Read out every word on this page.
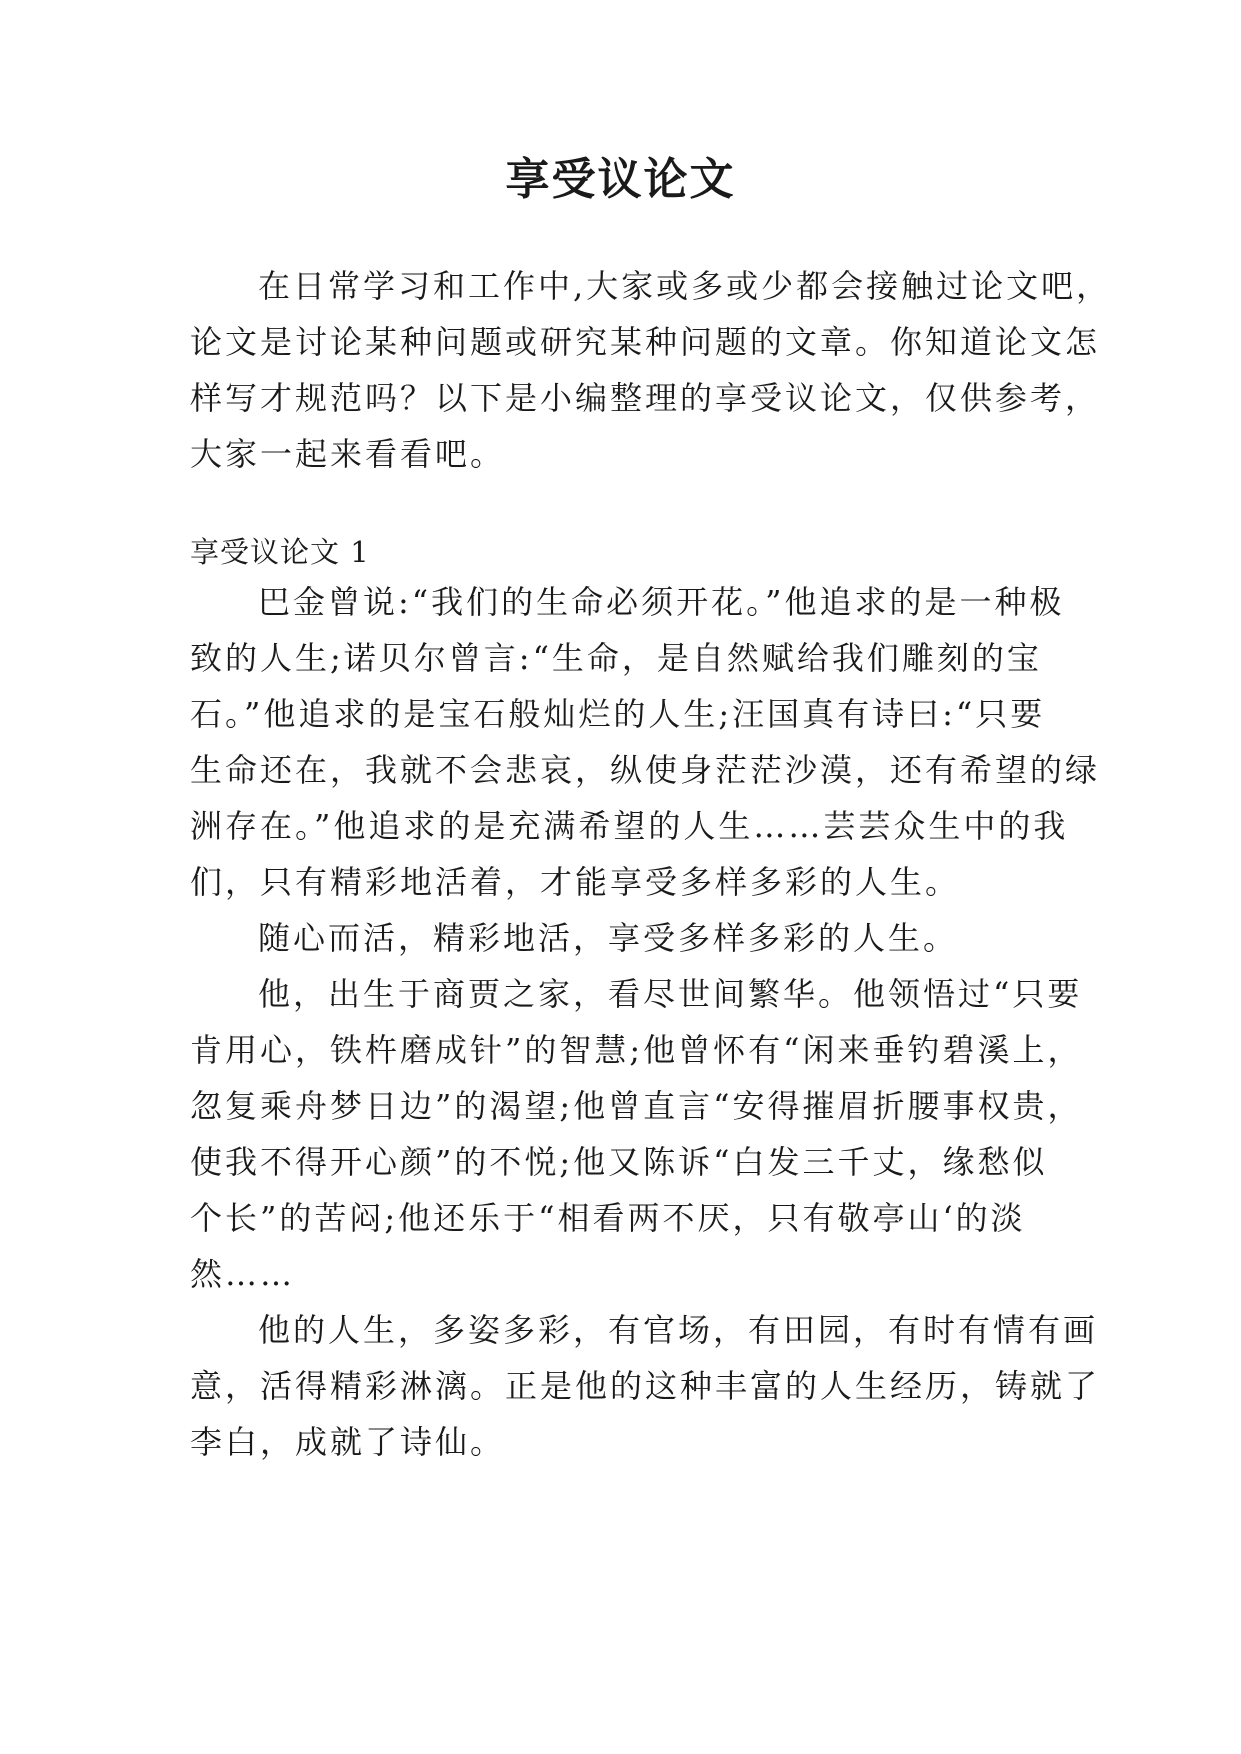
享受议论文
在日常学习和工作中,大家或多或少都会接触过论文吧，
论文是讨论某种问题或研究某种问题的文章。你知道论文怎
样写才规范吗？以下是小编整理的享受议论文，仅供参考，
大家一起来看看吧。
享受议论文 1
巴金曾说:“我们的生命必须开花。”他追求的是一种极
致的人生;诺贝尔曾言:“生命，是自然赋给我们雕刻的宝
石。”他追求的是宝石般灿烂的人生;汪国真有诗曰:“只要
生命还在，我就不会悲哀，纵使身茫茫沙漠，还有希望的绿
洲存在。”他追求的是充满希望的人生……芸芸众生中的我
们，只有精彩地活着，才能享受多样多彩的人生。
随心而活，精彩地活，享受多样多彩的人生。
他，出生于商贾之家，看尽世间繁华。他领悟过“只要
肯用心，铁杵磨成针”的智慧;他曾怀有“闲来垂钓碧溪上，
忽复乘舟梦日边”的渴望;他曾直言“安得摧眉折腰事权贵，
使我不得开心颜”的不悦;他又陈诉“白发三千丈，缘愁似
个长”的苦闷;他还乐于“相看两不厌，只有敬亭山‘的淡
然……
他的人生，多姿多彩，有官场，有田园，有时有情有画
意，活得精彩淋漓。正是他的这种丰富的人生经历，铸就了
李白，成就了诗仙。
